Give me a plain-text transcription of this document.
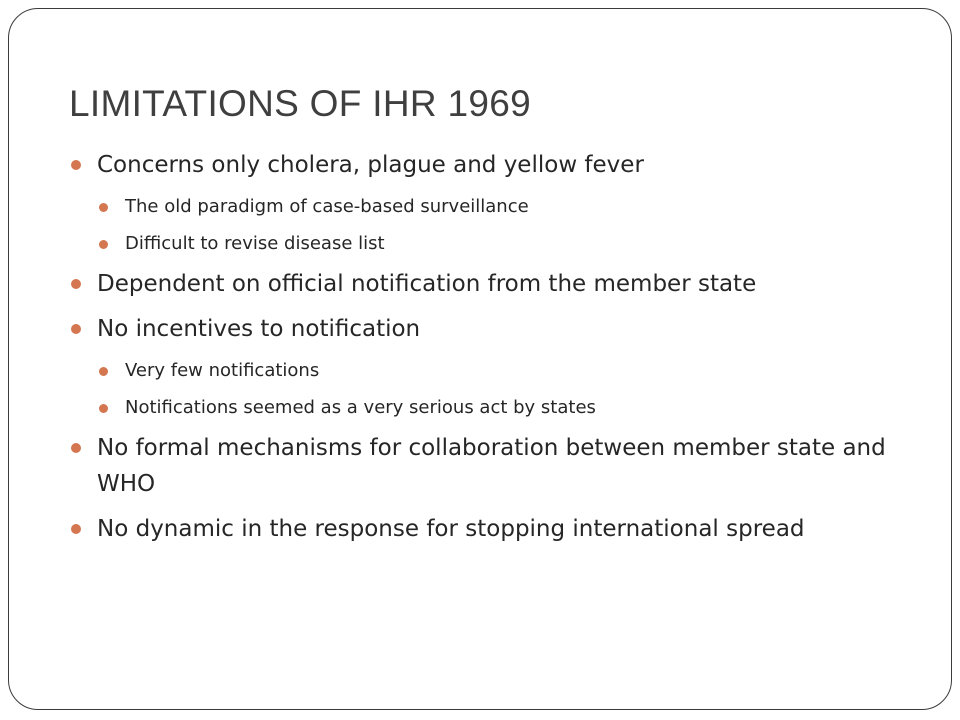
LIMITATIONS OF IHR 1969
Concerns only cholera, plague and yellow fever
The old paradigm of case-based surveillance
Difficult to revise disease list
Dependent on official notification from the member state
No incentives to notification
Very few notifications
Notifications seemed as a very serious act by states
No formal mechanisms for collaboration between member state and WHO
No dynamic in the response for stopping international spread
